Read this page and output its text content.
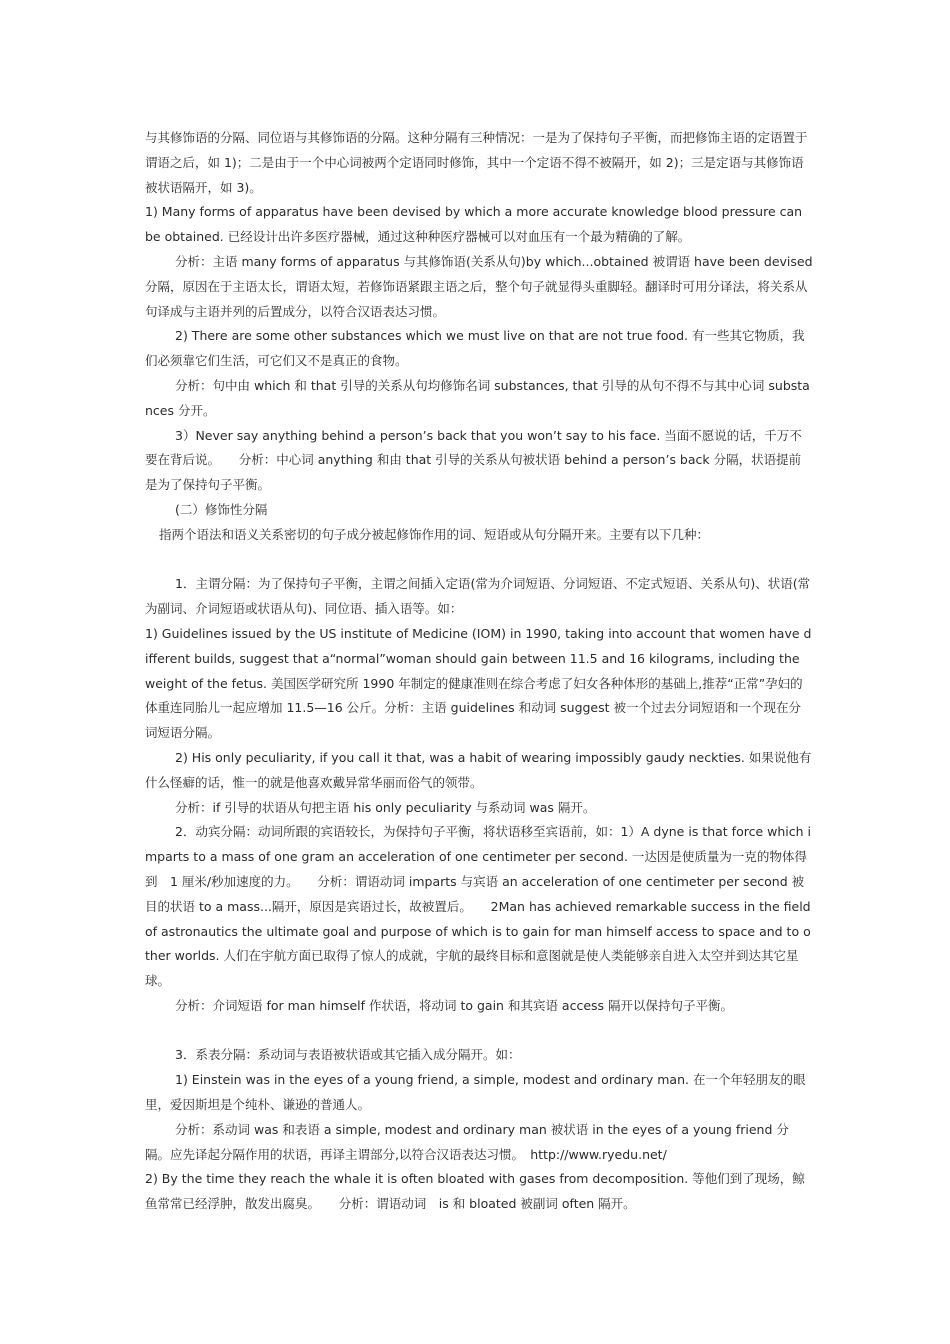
与其修饰语的分隔、同位语与其修饰语的分隔。这种分隔有三种情况：一是为了保持句子平衡，而把修饰主语的定语置于谓语之后，如 1)；二是由于一个中心词被两个定语同时修饰，其中一个定语不得不被隔开，如 2)；三是定语与其修饰语被状语隔开，如 3)。

1) Many forms of apparatus have been devised by which a more accurate knowledge blood pressure can be obtained. 已经设计出许多医疗器械，通过这种种医疗器械可以对血压有一个最为精确的了解。

分析：主语 many forms of apparatus 与其修饰语(关系从句)by which...obtained 被谓语 have been devised 分隔，原因在于主语太长，谓语太短，若修饰语紧跟主语之后，整个句子就显得头重脚轻。翻译时可用分译法，将关系从句译成与主语并列的后置成分，以符合汉语表达习惯。

2) There are some other substances which we must live on that are not true food. 有一些其它物质，我们必须靠它们生活，可它们又不是真正的食物。

分析：句中由 which 和 that 引导的关系从句均修饰名词 substances, that 引导的从句不得不与其中心词 substances 分开。

3）Never say anything behind a person’s back that you won’t say to his face. 当面不愿说的话，千万不要在背后说。　　分析：中心词 anything 和由 that 引导的关系从句被状语 behind a person’s back 分隔，状语提前是为了保持句子平衡。

(二）修饰性分隔

指两个语法和语义关系密切的句子成分被起修饰作用的词、短语或从句分隔开来。主要有以下几种：

1．主谓分隔：为了保持句子平衡，主谓之间插入定语(常为介词短语、分词短语、不定式短语、关系从句)、状语(常为副词、介词短语或状语从句)、同位语、插入语等。如：

1) Guidelines issued by the US institute of Medicine (IOM) in 1990, taking into account that women have different builds, suggest that a“normal”woman should gain between 11.5 and 16 kilograms, including the weight of the fetus. 美国医学研究所 1990 年制定的健康准则在综合考虑了妇女各种体形的基础上,推荐“正常”孕妇的体重连同胎儿一起应增加 11.5—16 公斤。分析：主语 guidelines 和动词 suggest 被一个过去分词短语和一个现在分词短语分隔。

2) His only peculiarity, if you call it that, was a habit of wearing impossibly gaudy neckties. 如果说他有什么怪癖的话，惟一的就是他喜欢戴异常华丽而俗气的领带。

分析：if 引导的状语从句把主语 his only peculiarity 与系动词 was 隔开。

2．动宾分隔：动词所跟的宾语较长，为保持句子平衡，将状语移至宾语前，如：1）A dyne is that force which imparts to a mass of one gram an acceleration of one centimeter per second. 一达因是使质量为一克的物体得到　1 厘米/秒加速度的力。　　分析：谓语动词 imparts 与宾语 an acceleration of one centimeter per second 被目的状语 to a mass...隔开，原因是宾语过长，故被置后。　　2Man has achieved remarkable success in the field of astronautics the ultimate goal and purpose of which is to gain for man himself access to space and to other worlds. 人们在宇航方面已取得了惊人的成就，宇航的最终目标和意图就是使人类能够亲自进入太空并到达其它星球。

分析：介词短语 for man himself 作状语，将动词 to gain 和其宾语 access 隔开以保持句子平衡。

3．系表分隔：系动词与表语被状语或其它插入成分隔开。如：

1) Einstein was in the eyes of a young friend, a simple, modest and ordinary man. 在一个年轻朋友的眼里，爱因斯坦是个纯朴、谦逊的普通人。

分析：系动词 was 和表语 a simple, modest and ordinary man 被状语 in the eyes of a young friend 分　隔。应先译起分隔作用的状语，再译主谓部分,以符合汉语表达习惯。　http://www.ryedu.net/

2) By the time they reach the whale it is often bloated with gases from decomposition. 等他们到了现场，鲸鱼常常已经浮肿，散发出腐臭。　　分析：谓语动词　is 和 bloated 被副词 often 隔开。
